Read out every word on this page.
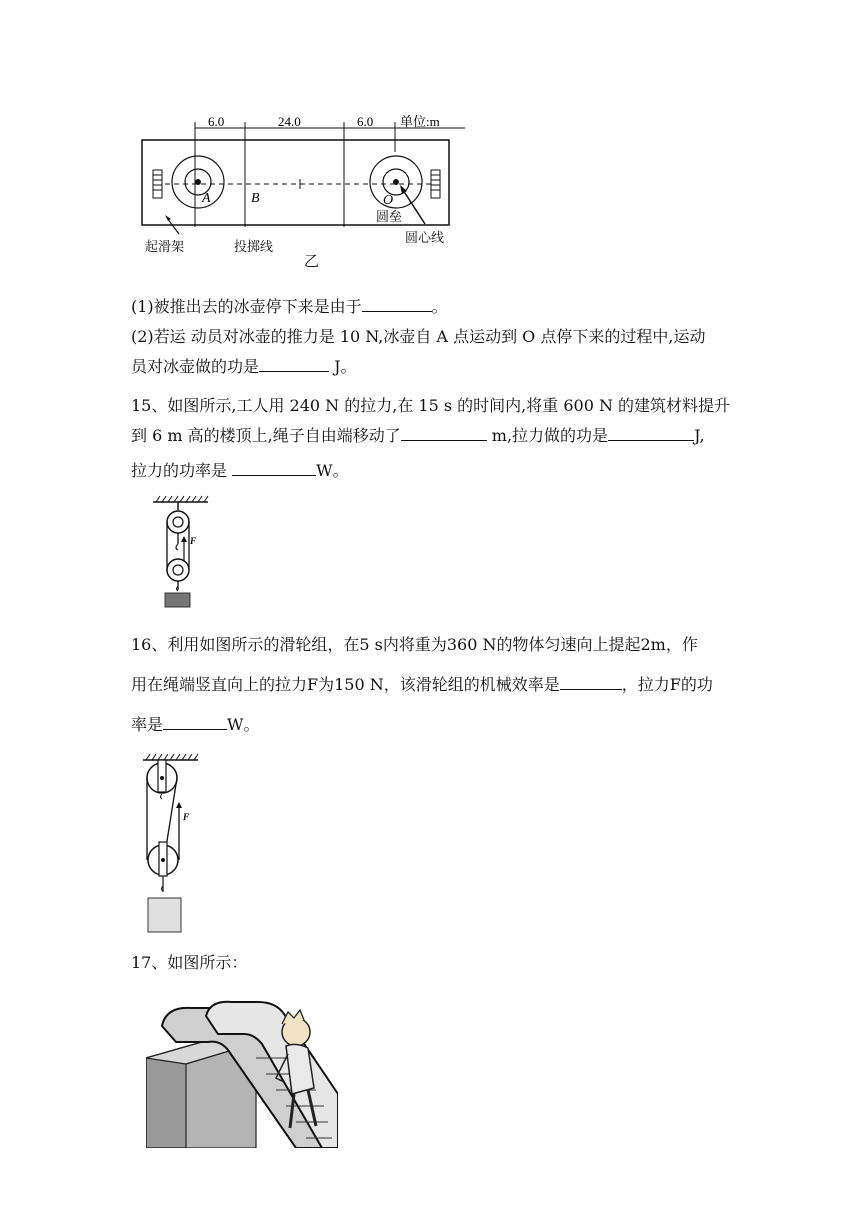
6.0	24.0	6.0 单位:m
A	B	O
起滑架	投掷线
圆垒
圆心线
乙
(1)被推出去的冰壶停下来是由于	。
(2)若运 动员对冰壶的推力是 10 N,冰壶自 A 点运动到 O 点停下来的过程中,运动
员对冰壶做的功是	J。
15、如图所示,工人用 240 N 的拉力,在 15 s 的时间内,将重 600 N 的建筑材料提升
到 6 m 高的楼顶上,绳子自由端移动了	m,拉力做的功是	J,
拉力的功率是	W。
F
16、利用如图所示的滑轮组，在5 s内将重为360 N的物体匀速向上提起2m，作
用在绳端竖直向上的拉力F为150 N，该滑轮组的机械效率是	，拉力F的功
率是	W。
F
17、如图所示：
